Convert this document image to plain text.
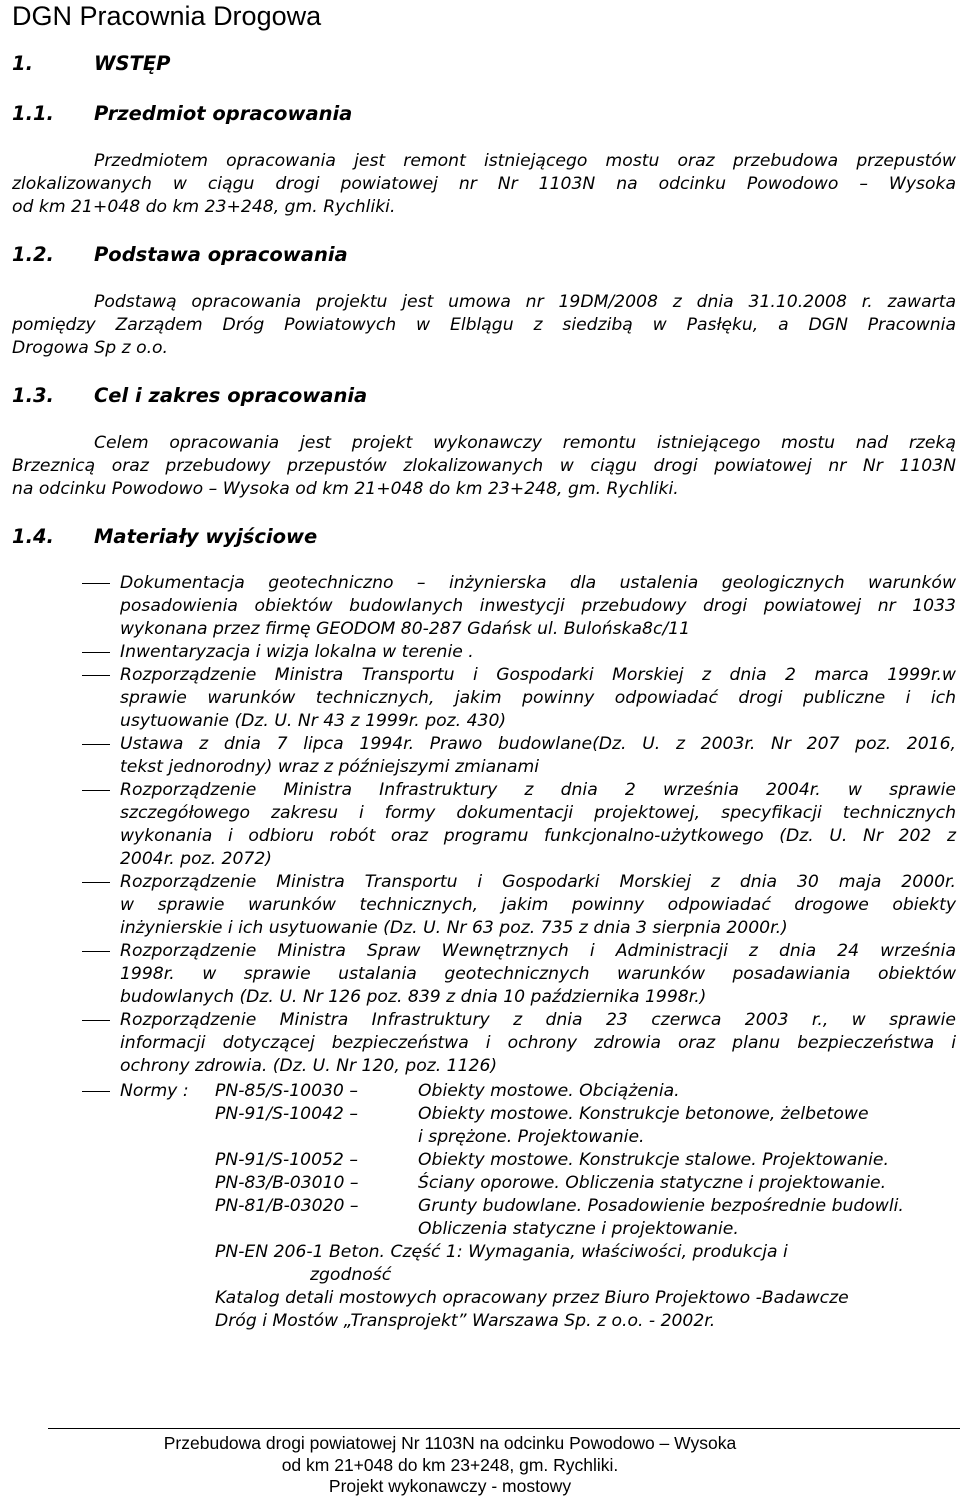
DGN Pracownia Drogowa
1.	WSTĘP
1.1. Przedmiot opracowania
Przedmiotem opracowania jest remont istniejącego mostu oraz przebudowa przepustów
zlokalizowanych w ciągu drogi powiatowej nr Nr 1103N na odcinku Powodowo – Wysoka
od km 21+048 do km 23+248, gm. Rychliki.
1.2. Podstawa opracowania
Podstawą opracowania projektu jest umowa nr 19DM/2008 z dnia 31.10.2008 r. zawarta
pomiędzy Zarządem Dróg Powiatowych w Elblągu z siedzibą w Pasłęku, a DGN Pracownia
Drogowa Sp z o.o.
1.3. Cel i zakres opracowania
Celem opracowania jest projekt wykonawczy remontu istniejącego mostu nad rzeką
Brzeznicą oraz przebudowy przepustów zlokalizowanych w ciągu drogi powiatowej nr Nr 1103N
na odcinku Powodowo – Wysoka od km 21+048 do km 23+248, gm. Rychliki.
1.4. Materiały wyjściowe
Dokumentacja geotechniczno – inżynierska dla ustalenia geologicznych warunków
posadowienia obiektów budowlanych inwestycji przebudowy drogi powiatowej nr 1033
wykonana przez firmę GEODOM 80-287 Gdańsk ul. Bulońska8c/11
Inwentaryzacja i wizja lokalna w terenie .
Rozporządzenie Ministra Transportu i Gospodarki Morskiej z dnia 2 marca 1999r.w
sprawie warunków technicznych, jakim powinny odpowiadać drogi publiczne i ich
usytuowanie (Dz. U. Nr 43 z 1999r. poz. 430)
Ustawa z dnia 7 lipca 1994r. Prawo budowlane(Dz. U. z 2003r. Nr 207 poz. 2016,
tekst jednorodny) wraz z późniejszymi zmianami
Rozporządzenie Ministra Infrastruktury z dnia 2 września 2004r. w sprawie
szczegółowego zakresu i formy dokumentacji projektowej, specyfikacji technicznych
wykonania i odbioru robót oraz programu funkcjonalno-użytkowego (Dz. U. Nr 202 z
2004r. poz. 2072)
Rozporządzenie Ministra Transportu i Gospodarki Morskiej z dnia 30 maja 2000r.
w sprawie warunków technicznych, jakim powinny odpowiadać drogowe obiekty
inżynierskie i ich usytuowanie (Dz. U. Nr 63 poz. 735 z dnia 3 sierpnia 2000r.)
Rozporządzenie Ministra Spraw Wewnętrznych i Administracji z dnia 24 września
1998r. w sprawie ustalania geotechnicznych warunków posadawiania obiektów
budowlanych (Dz. U. Nr 126 poz. 839 z dnia 10 października 1998r.)
Rozporządzenie Ministra Infrastruktury z dnia 23 czerwca 2003 r., w sprawie
informacji dotyczącej bezpieczeństwa i ochrony zdrowia oraz planu bezpieczeństwa i
ochrony zdrowia. (Dz. U. Nr 120, poz. 1126)
Normy : PN-85/S-10030 –	Obiekty mostowe. Obciążenia.
PN-91/S-10042 –	Obiekty mostowe. Konstrukcje betonowe, żelbetowe
i sprężone. Projektowanie.
PN-91/S-10052 –	Obiekty mostowe. Konstrukcje stalowe. Projektowanie.
PN-83/B-03010 –	Ściany oporowe. Obliczenia statyczne i projektowanie.
PN-81/B-03020 –	Grunty budowlane. Posadowienie bezpośrednie budowli.
Obliczenia statyczne i projektowanie.
PN-EN 206-1 Beton. Część 1: Wymagania, właściwości, produkcja i
zgodność
Katalog detali mostowych opracowany przez Biuro Projektowo -Badawcze
Dróg i Mostów „Transprojekt” Warszawa Sp. z o.o. - 2002r.
Przebudowa drogi powiatowej Nr 1103N na odcinku Powodowo – Wysoka
od km 21+048 do km 23+248, gm. Rychliki.
Projekt wykonawczy - mostowy
